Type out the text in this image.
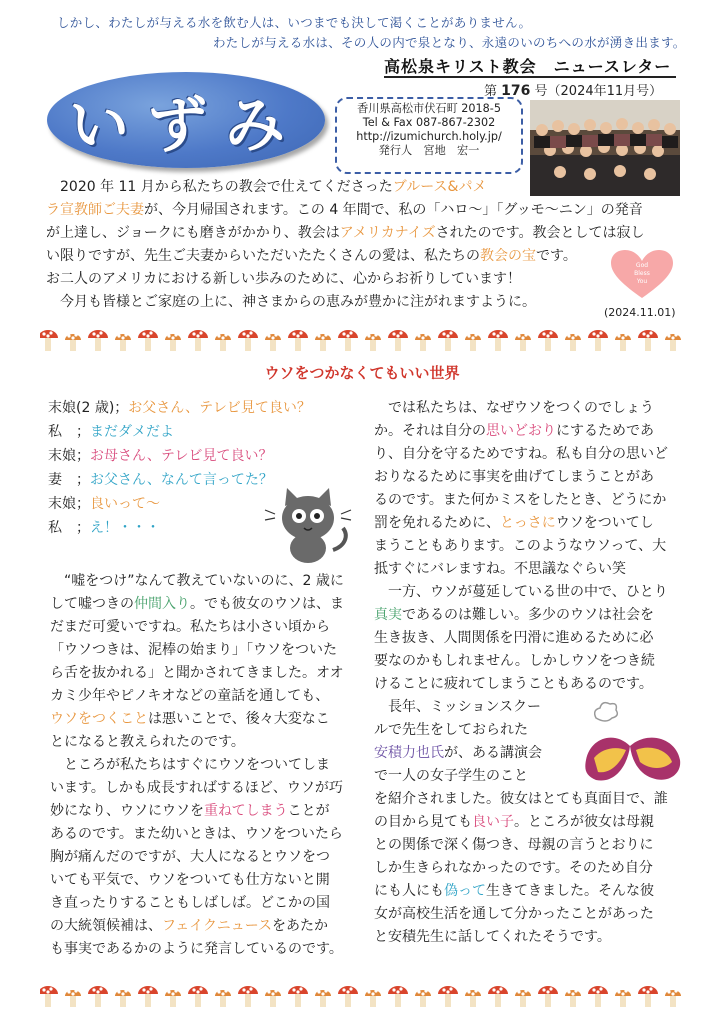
しかし、わたしが与える水を飲む人は、いつまでも決して渇くことがありません。
わたしが与える水は、その人の内で泉となり、永遠のいのちへの水が湧き出ます。
高松泉キリスト教会　ニュースレター
第 176 号（2024年11月号）
いずみ	香川県高松市伏石町 2018-5
Tel & Fax 087-867-2302
http://izumichurch.holy.jp/
発行人　宮地　宏一
　2020 年 11 月から私たちの教会で仕えてくださったブルース&パメ
ラ宣教師ご夫妻が、今月帰国されます。この 4 年間で、私の「ハロ～」「グッモ～ニン」の発音
が上達し、ジョークにも磨きがかかり、教会はアメリカナイズされたのです。教会としては寂し
い限りですが、先生ご夫妻からいただいたたくさんの愛は、私たちの教会の宝です。
お二人のアメリカにおける新しい歩みのために、心からお祈りしています！
　今月も皆様とご家庭の上に、神さまからの恵みが豊かに注がれますように。
(2024.11.01)
God
Bless
You
ウソをつかなくてもいい世界
末娘(2 歳)；お父さん、テレビ見て良い？
私　；まだダメだよ
末娘；お母さん、テレビ見て良い？
妻　；お父さん、なんて言ってた？
末娘；良いって～
私　；え！・・・
　“嘘をつけ”なんて教えていないのに、2 歳に
して嘘つきの仲間入り。でも彼女のウソは、ま
だまだ可愛いですね。私たちは小さい頃から
「ウソつきは、泥棒の始まり」「ウソをついた
ら舌を抜かれる」と聞かされてきました。オオ
カミ少年やピノキオなどの童話を通しても、
ウソをつくことは悪いことで、後々大変なこ
とになると教えられたのです。
　ところが私たちはすぐにウソをついてしま
います。しかも成長すればするほど、ウソが巧
妙になり、ウソにウソを重ねてしまうことが
あるのです。また幼いときは、ウソをついたら
胸が痛んだのですが、大人になるとウソをつ
いても平気で、ウソをついても仕方ないと開
き直ったりすることもしばしば。どこかの国
の大統領候補は、フェイクニュースをあたか
も事実であるかのように発言しているのです。
　では私たちは、なぜウソをつくのでしょう
か。それは自分の思いどおりにするためであ
り、自分を守るためですね。私も自分の思いど
おりなるために事実を曲げてしまうことがあ
るのです。また何かミスをしたとき、どうにか
罰を免れるために、とっさにウソをついてし
まうこともあります。このようなウソって、大
抵すぐにバレますね。不思議なぐらい笑
　一方、ウソが蔓延している世の中で、ひとり
真実であるのは難しい。多少のウソは社会を
生き抜き、人間関係を円滑に進めるために必
要なのかもしれません。しかしウソをつき続
けることに疲れてしまうこともあるのです。
　長年、ミッションスクー
ルで先生をしておられた
安積力也氏が、ある講演会
で一人の女子学生のこと
を紹介されました。彼女はとても真面目で、誰
の目から見ても良い子。ところが彼女は母親
との関係で深く傷つき、母親の言うとおりに
しか生きられなかったのです。そのため自分
にも人にも偽って生きてきました。そんな彼
女が高校生活を通して分かったことがあった
と安積先生に話してくれたそうです。
